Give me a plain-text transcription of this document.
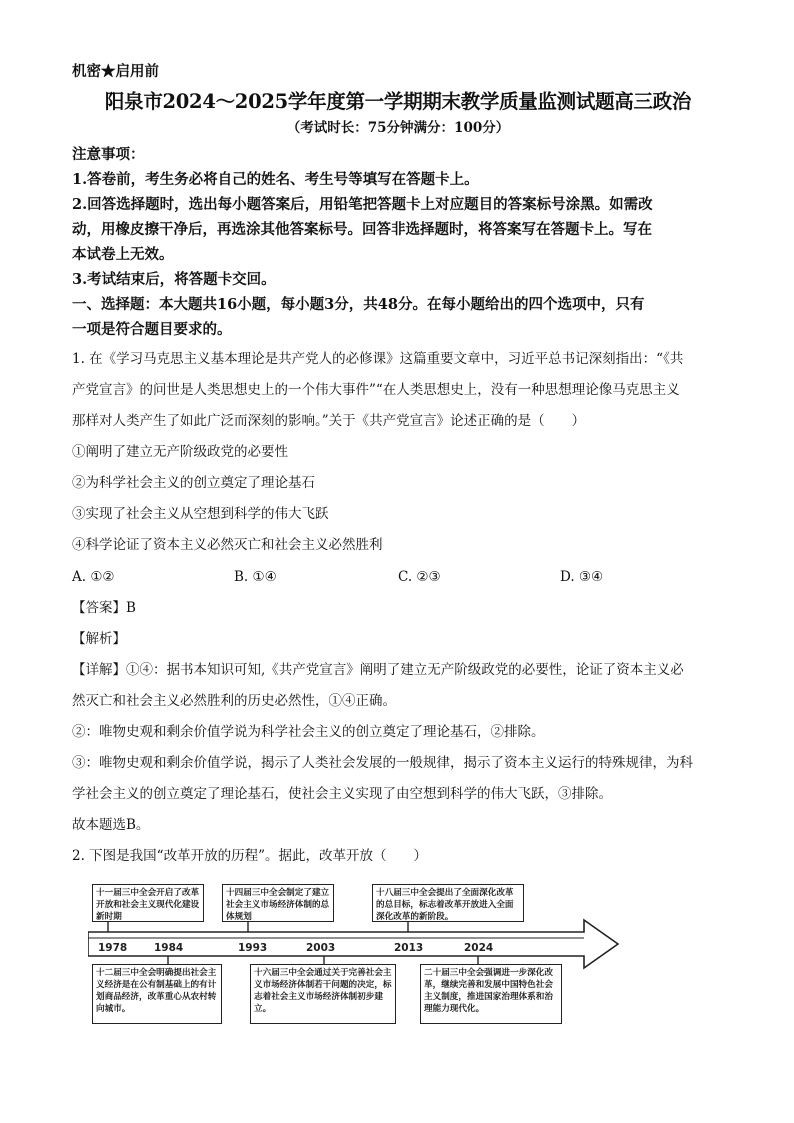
机密★启用前
阳泉市2024～2025学年度第一学期期末教学质量监测试题高三政治
（考试时长：75分钟满分：100分）
注意事项：
1.答卷前，考生务必将自己的姓名、考生号等填写在答题卡上。
2.回答选择题时，选出每小题答案后，用铅笔把答题卡上对应题目的答案标号涂黑。如需改
动，用橡皮擦干净后，再选涂其他答案标号。回答非选择题时，将答案写在答题卡上。写在
本试卷上无效。
3.考试结束后，将答题卡交回。
一、选择题：本大题共16小题，每小题3分，共48分。在每小题给出的四个选项中，只有
一项是符合题目要求的。
1. 在《学习马克思主义基本理论是共产党人的必修课》这篇重要文章中，习近平总书记深刻指出：“《共
产党宣言》的问世是人类思想史上的一个伟大事件”“在人类思想史上，没有一种思想理论像马克思主义
那样对人类产生了如此广泛而深刻的影响。”关于《共产党宣言》论述正确的是（　　）
①阐明了建立无产阶级政党的必要性
②为科学社会主义的创立奠定了理论基石
③实现了社会主义从空想到科学的伟大飞跃
④科学论证了资本主义必然灭亡和社会主义必然胜利
A. ①②	B. ①④	C. ②③	D. ③④
【答案】B
【解析】
【详解】①④：据书本知识可知,《共产党宣言》阐明了建立无产阶级政党的必要性，论证了资本主义必
然灭亡和社会主义必然胜利的历史必然性，①④正确。
②：唯物史观和剩余价值学说为科学社会主义的创立奠定了理论基石，②排除。
③：唯物史观和剩余价值学说，揭示了人类社会发展的一般规律，揭示了资本主义运行的特殊规律，为科
学社会主义的创立奠定了理论基石，使社会主义实现了由空想到科学的伟大飞跃，③排除。
故本题选B。
2. 下图是我国“改革开放的历程”。据此，改革开放（　　）
十一届三中全会开启了改革开放和社会主义现代化建设新时期
十四届三中全会制定了建立社会主义市场经济体制的总体规划
十八届三中全会提出了全面深化改革的总目标，标志着改革开放进入全面深化改革的新阶段。
1978	1984	1993	2003	2013	2024
十二届三中全会明确提出社会主义经济是在公有制基础上的有计划商品经济，改革重心从农村转向城市。
十六届三中全会通过关于完善社会主义市场经济体制若干问题的决定，标志着社会主义市场经济体制初步建立。
二十届三中全会强调进一步深化改革，继续完善和发展中国特色社会主义制度，推进国家治理体系和治理能力现代化。
